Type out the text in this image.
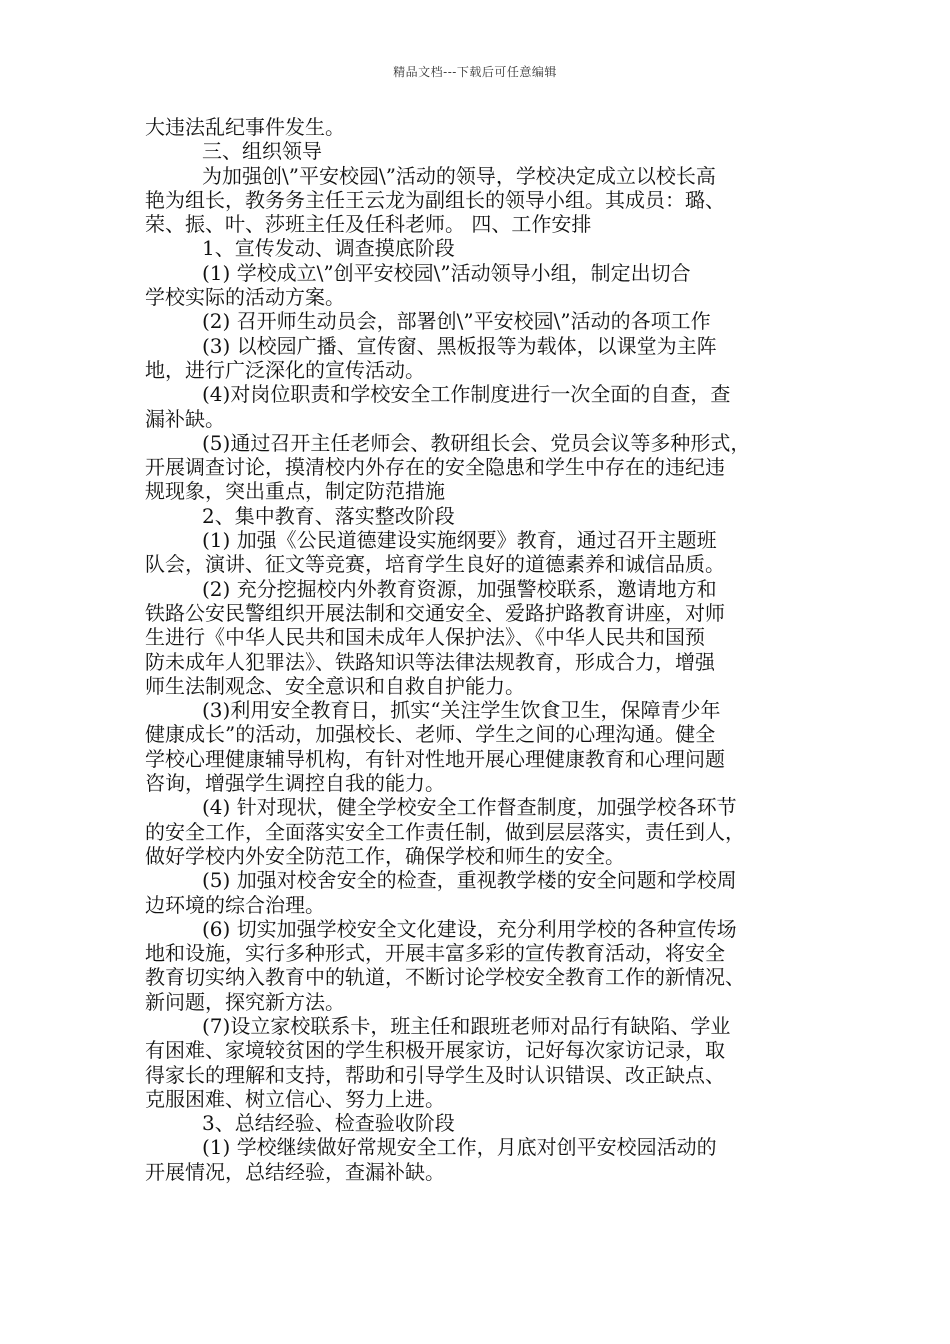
精品文档---下载后可任意编辑
大违法乱纪事件发生。
三、组织领导
为加强创\”平安校园\”活动的领导，学校决定成立以校长高
艳为组长，教务务主任王云龙为副组长的领导小组。其成员：璐、
荣、振、叶、莎班主任及任科老师。 四、工作安排
1、宣传发动、调查摸底阶段
(1) 学校成立\”创平安校园\”活动领导小组，制定出切合
学校实际的活动方案。
(2) 召开师生动员会，部署创\”平安校园\”活动的各项工作
(3) 以校园广播、宣传窗、黑板报等为载体，以课堂为主阵
地，进行广泛深化的宣传活动。
(4)对岗位职责和学校安全工作制度进行一次全面的自查，查
漏补缺。
(5)通过召开主任老师会、教研组长会、党员会议等多种形式，
开展调查讨论，摸清校内外存在的安全隐患和学生中存在的违纪违
规现象，突出重点，制定防范措施
2、集中教育、落实整改阶段
(1) 加强《公民道德建设实施纲要》教育，通过召开主题班
队会，演讲、征文等竞赛，培育学生良好的道德素养和诚信品质。
(2) 充分挖掘校内外教育资源，加强警校联系，邀请地方和
铁路公安民警组织开展法制和交通安全、爱路护路教育讲座，对师
生进行《中华人民共和国未成年人保护法》、《中华人民共和国预
防未成年人犯罪法》、铁路知识等法律法规教育，形成合力，增强
师生法制观念、安全意识和自救自护能力。
(3)利用安全教育日，抓实“关注学生饮食卫生，保障青少年
健康成长”的活动，加强校长、老师、学生之间的心理沟通。健全
学校心理健康辅导机构，有针对性地开展心理健康教育和心理问题
咨询，增强学生调控自我的能力。
(4) 针对现状，健全学校安全工作督查制度，加强学校各环节
的安全工作，全面落实安全工作责任制，做到层层落实，责任到人，
做好学校内外安全防范工作，确保学校和师生的安全。
(5) 加强对校舍安全的检查，重视教学楼的安全问题和学校周
边环境的综合治理。
(6) 切实加强学校安全文化建设，充分利用学校的各种宣传场
地和设施，实行多种形式，开展丰富多彩的宣传教育活动，将安全
教育切实纳入教育中的轨道，不断讨论学校安全教育工作的新情况、
新问题，探究新方法。
(7)设立家校联系卡，班主任和跟班老师对品行有缺陷、学业
有困难、家境较贫困的学生积极开展家访，记好每次家访记录，取
得家长的理解和支持，帮助和引导学生及时认识错误、改正缺点、
克服困难、树立信心、努力上进。
3、总结经验、检查验收阶段
(1) 学校继续做好常规安全工作，月底对创平安校园活动的
开展情况，总结经验，查漏补缺。
